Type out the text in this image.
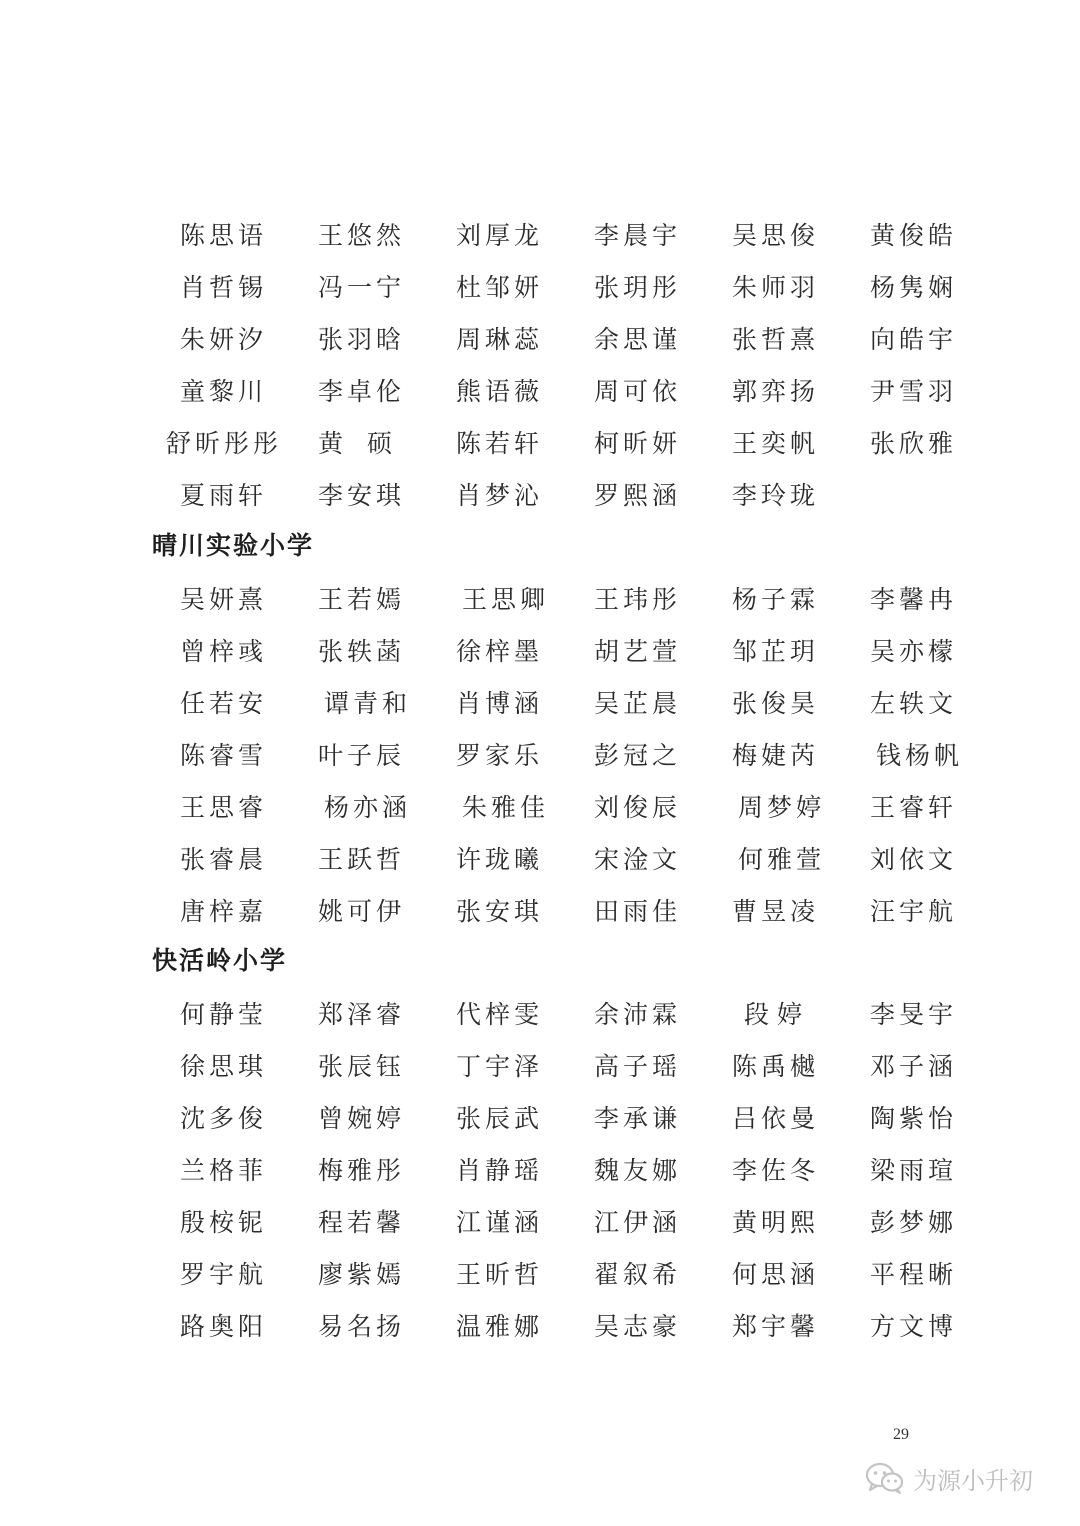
陈思语	王悠然	刘厚龙	李晨宇	吴思俊	黄俊皓
肖哲锡	冯一宁	杜邹妍	张玥彤	朱师羽	杨隽娴
朱妍汐	张羽晗	周琳蕊	余思谨	张哲熹	向皓宇
童黎川	李卓伦	熊语薇	周可依	郭弈扬	尹雪羽
舒昕彤彤	黄 硕	陈若轩	柯昕妍	王奕帆	张欣雅
夏雨轩	李安琪	肖梦沁	罗熙涵	李玲珑
晴川实验小学
吴妍熹	王若嫣	王思卿	王玮彤	杨子霖	李馨冉
曾梓彧	张轶菡	徐梓墨	胡艺萱	邹芷玥	吴亦檬
任若安	谭青和	肖博涵	吴芷晨	张俊昊	左轶文
陈睿雪	叶子辰	罗家乐	彭冠之	梅婕芮	钱杨帆
王思睿	杨亦涵	朱雅佳	刘俊辰	周梦婷	王睿轩
张睿晨	王跃哲	许珑曦	宋淦文	何雅萱	刘依文
唐梓嘉	姚可伊	张安琪	田雨佳	曹昱凌	汪宇航
快活岭小学
何静莹	郑泽睿	代梓雯	余沛霖	段婷	李旻宇
徐思琪	张辰钰	丁宇泽	高子瑶	陈禹樾	邓子涵
沈多俊	曾婉婷	张辰武	李承谦	吕依曼	陶紫怡
兰格菲	梅雅彤	肖静瑶	魏友娜	李佐冬	梁雨瑄
殷桉铌	程若馨	江谨涵	江伊涵	黄明熙	彭梦娜
罗宇航	廖紫嫣	王昕哲	翟叙希	何思涵	平程晰
路奥阳	易名扬	温雅娜	吴志豪	郑宇馨	方文博
29
为源小升初
